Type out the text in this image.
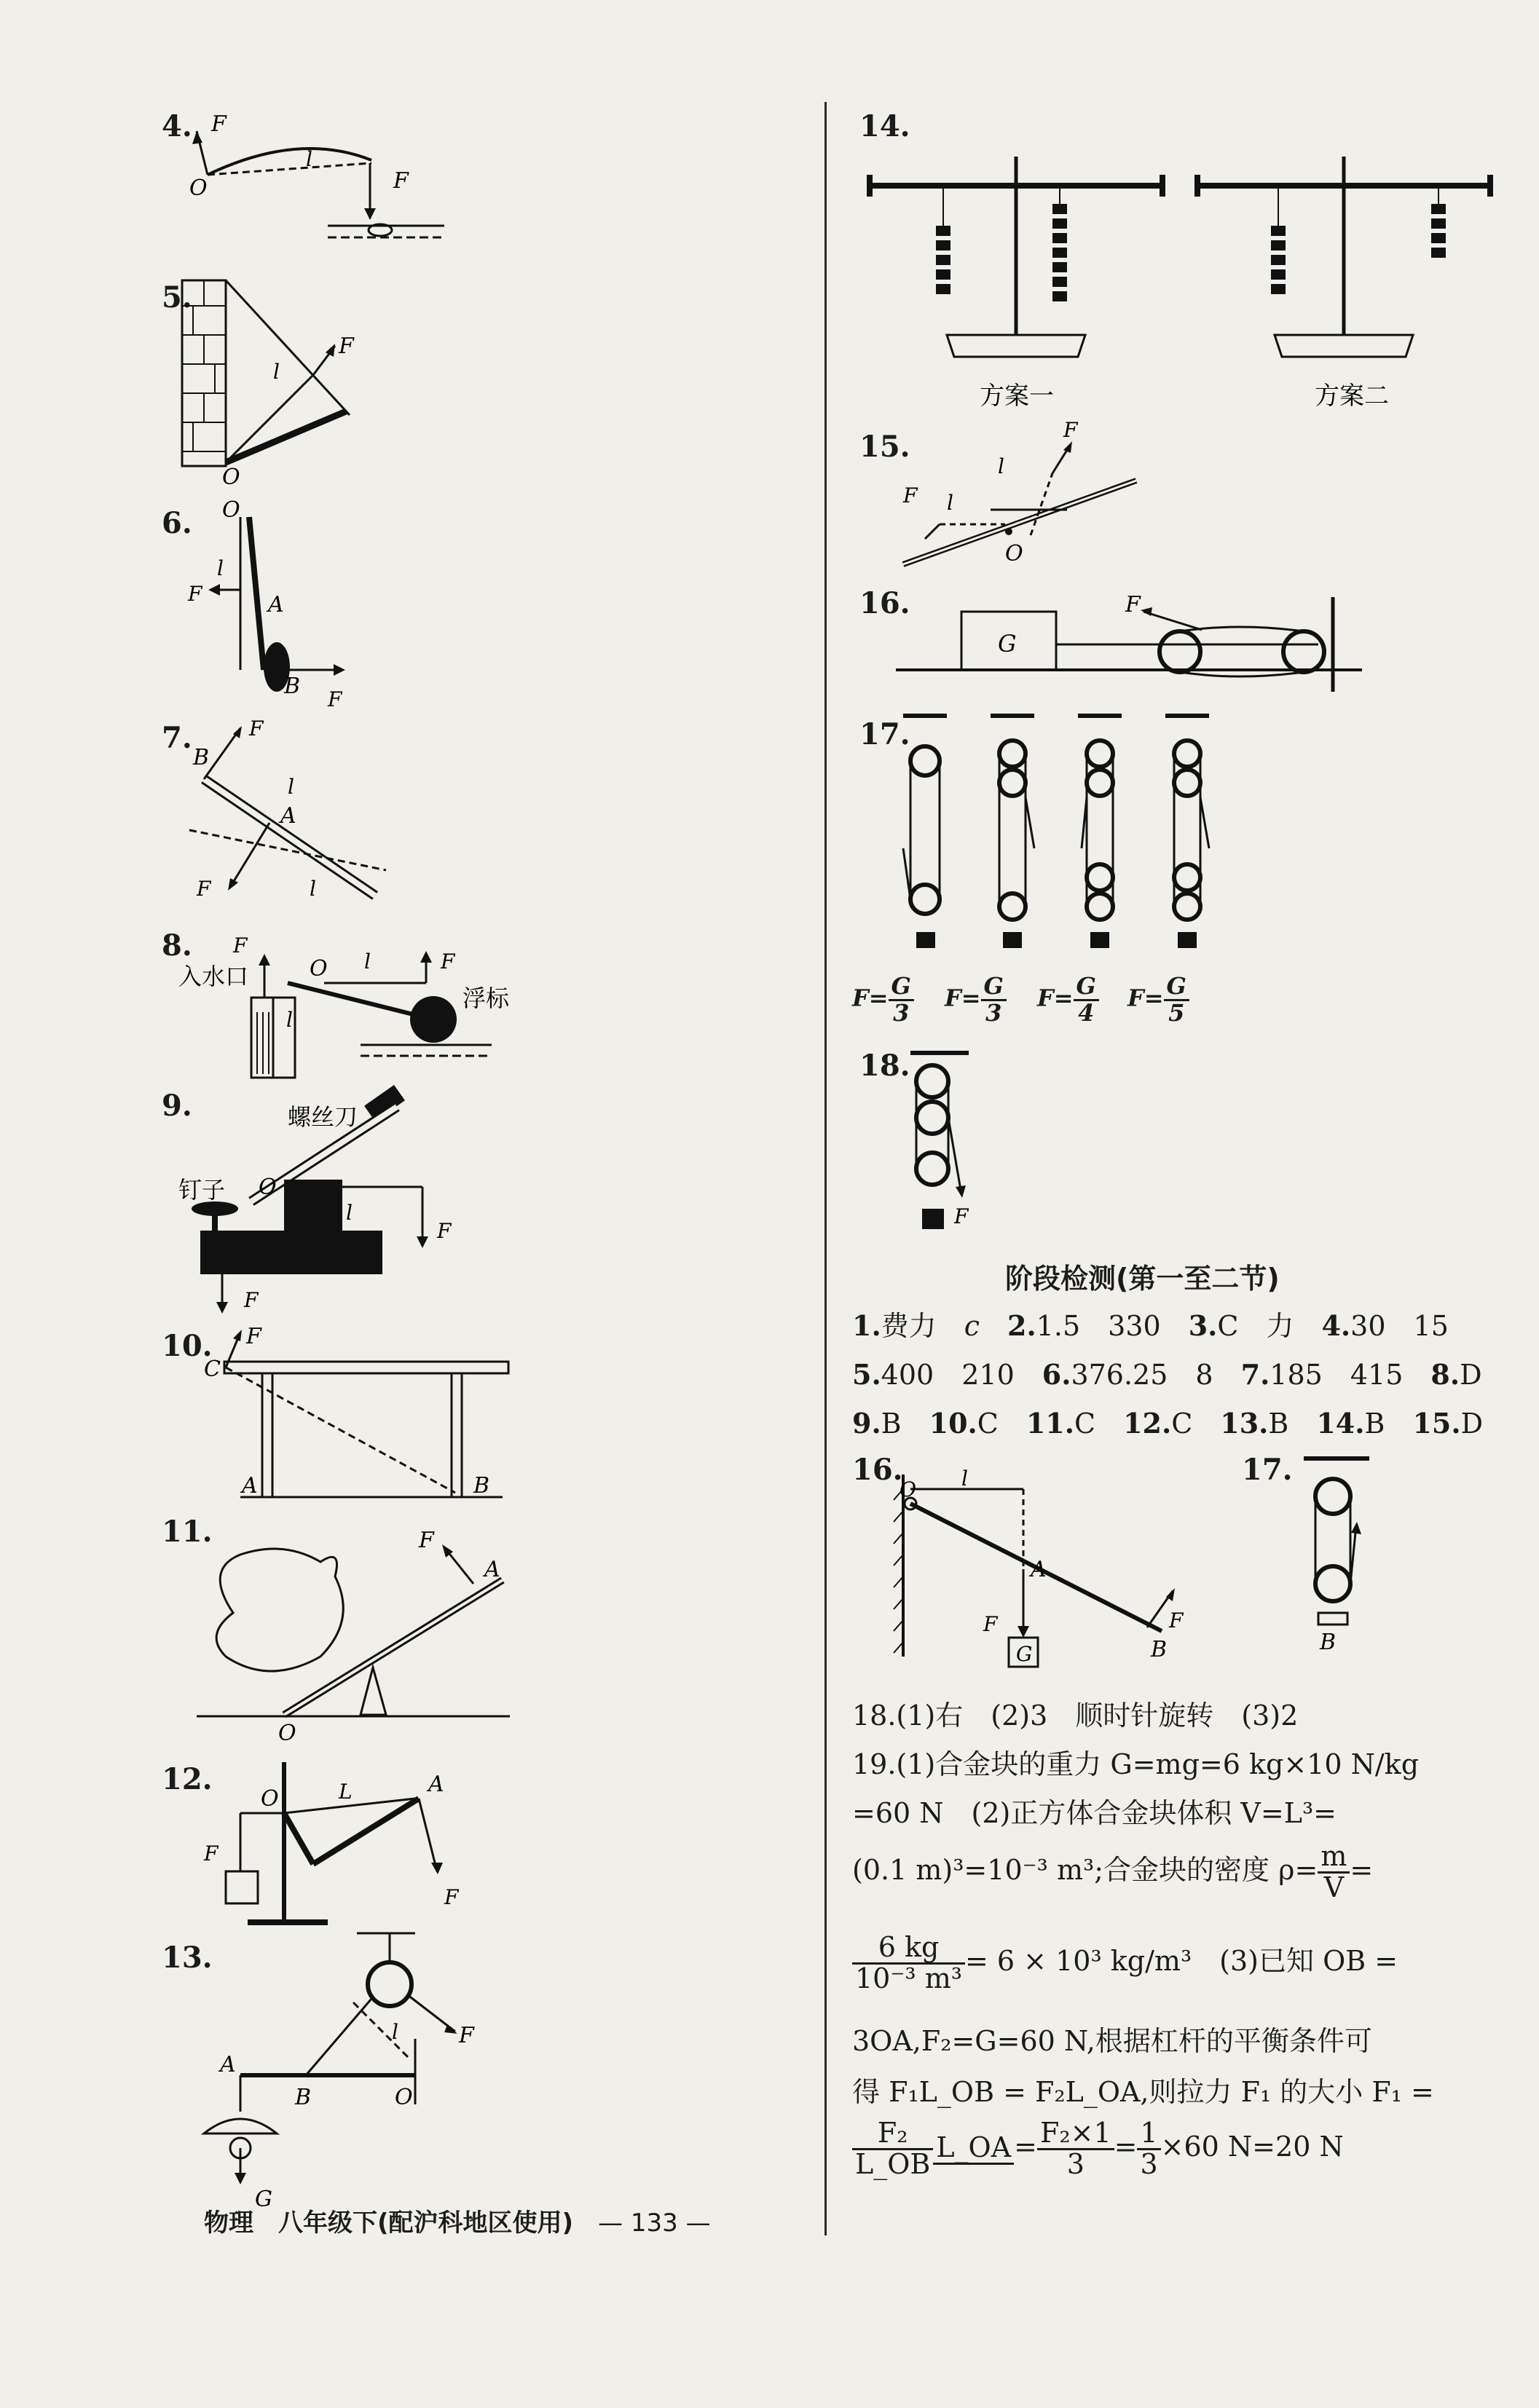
4. F
O
l
F
5.
F
l
O
6. O
l
F	A
B
F
7.	F
B
A
l
F	l
8. F
入水口	O l
l
F
浮标
9.	螺丝刀
钉子 O
l
F
F
10. F
C
A	B
11.	F
A
O
12.
O	L	A
F
F
13.
F
l
A
B	O
G
14.
方案一	方案二
15.
F
l
l
F
O
16.
G
F
17.
$F= \frac{G}{3} F= \frac{G}{3} F= \frac{G}{4} F= \frac{G}{5}$
18.
F
阶段检测(第一至二节)
1.费力　 c　 2.1.5　 330　 3.C　 力　 4.30　 15
5.400　 210　 6.376.25　 8　 7.185　 415　 8.D
9.B　 10.C　 11.C　 12.C　 13.B　 14.B　 15.D
16.
O l
A
F
G
F
B
17.
B
18.(1)右　(2)3　顺时针旋转　(3)2
19.(1)合金块的重力 G=mg=6 kg×10 N/kg
=60 N　(2)正方体合金块体积 V=L³=
(0.1 m)³=10⁻³ m³;合金块的密度 $\rho= \frac{m}{V}$ =
$\frac{6 kg}{\text{10⁻³ m³}} = 6 \times 10^3$ kg/m³　(3)已知 OB =
3OA,F₂=G=60 N,根据杠杆的平衡条件可
得 F₁L_OB = F₂L_OA,则拉力 F₁ 的大小 F₁ =
$\frac{\text{F₂}}{L\_OB}$ L_OA = $\frac{\text{F₂×1}}{3} = \frac{1}{3} \times 60$ N=20 N
物理　 八年级下(配沪科地区使用)　 — 133 —
